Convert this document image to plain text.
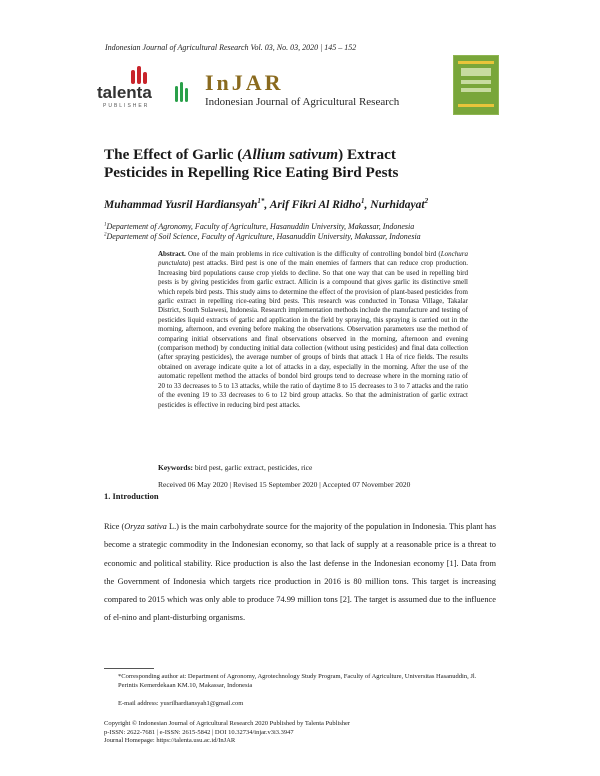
Indonesian Journal of Agricultural Research Vol. 03, No. 03, 2020 | 145 – 152
talenta
PUBLISHER
InJAR
Indonesian Journal of Agricultural Research
The Effect of Garlic (Allium sativum) Extract
Pesticides in Repelling Rice Eating Bird Pests
Muhammad Yusril Hardiansyah$^{1*}$, Arif Fikri Al Ridho$^1$, Nurhidayat$^2$
$^1$Departement of Agronomy, Faculty of Agriculture, Hasanuddin University, Makassar, Indonesia
$^2$Departement of Soil Science, Faculty of Agriculture, Hasanuddin University, Makassar, Indonesia
Abstract. One of the main problems in rice cultivation is the difficulty of controlling bondol bird (Lonchura punctulata) pest attacks. Bird pest is one of the main enemies of farmers that can reduce crop production. Increasing bird populations cause crop yields to decline. So that one way that can be used in repelling bird pests is by giving pesticides from garlic extract. Allicin is a compound that gives garlic its distinctive smell which repels bird pests. This study aims to determine the effect of the provision of plant-based pesticides from garlic extract in repelling rice-eating bird pests. This research was conducted in Tonasa Village, Takalar District, South Sulawesi, Indonesia. Research implementation methods include the manufacture and testing of pesticides liquid extracts of garlic and application in the field by spraying, this spraying is carried out in the morning, afternoon, and evening before making the observations. Observation parameters use the method of comparing initial observations and final observations observed in the morning, afternoon and evening (comparison method) by conducting initial data collection (without using pesticides) and final data collection (after spraying pesticides), the average number of groups of birds that attack 1 Ha of rice fields. The results obtained on average indicate quite a lot of attacks in a day, especially in the morning. After the use of the automatic repellent method the attacks of bondol bird groups tend to decrease where in the morning ratio of 20 to 33 decreases to 5 to 13 attacks, while the ratio of daytime 8 to 15 decreases to 3 to 7 attacks and the ratio of the evening 19 to 33 decreases to 6 to 12 bird group attacks. So that the administration of garlic extract pesticides is effective in reducing bird pest attacks.
Keywords: bird pest, garlic extract, pesticides, rice
Received 06 May 2020 | Revised 15 September 2020 | Accepted 07 November 2020
1. Introduction
Rice (Oryza sativa L.) is the main carbohydrate source for the majority of the population in Indonesia. This plant has become a strategic commodity in the Indonesian economy, so that lack of supply at a reasonable price is a threat to economic and political stability. Rice production is also the last defense in the Indonesian economy [1]. Data from the Government of Indonesia which targets rice production in 2016 is 80 million tons. This target is increasing compared to 2015 which was only able to produce 74.99 million tons [2]. The target is assumed due to the influence of el-nino and plant-disturbing organisms.
*Corresponding author at: Department of Agronomy, Agrotechnology Study Program, Faculty of Agriculture, Universitas Hasanuddin, Jl. Perintis Kemerdekaan KM.10, Makassar, Indonesia
E-mail address: yusrilhardiansyah1@gmail.com
Copyright © Indonesian Journal of Agricultural Research 2020 Published by Talenta Publisher
p-ISSN: 2622-7681 | e-ISSN: 2615-5842 | DOI 10.32734/injar.v3i3.3947
Journal Homepage: https://talenta.usu.ac.id/InJAR
